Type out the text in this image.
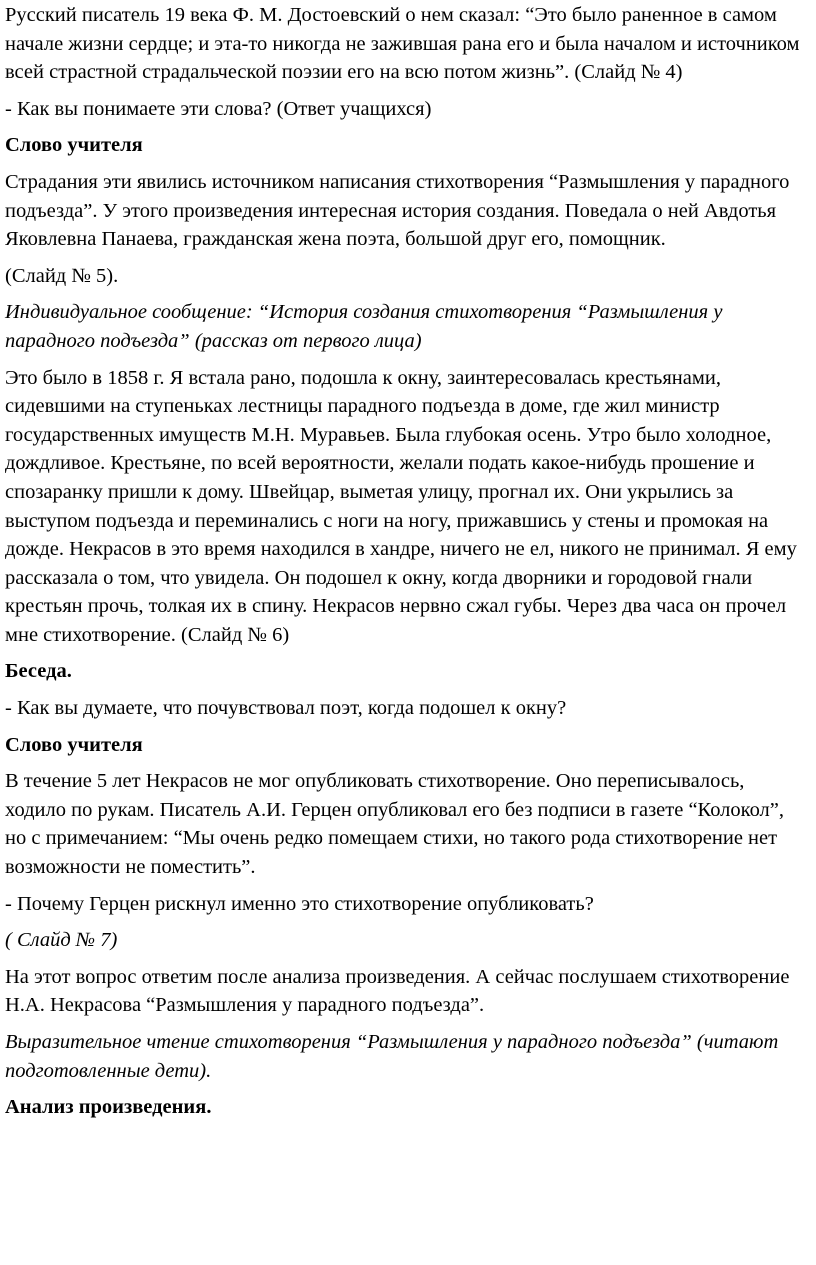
Русский писатель 19 века Ф. М. Достоевский о нем сказал: “Это было раненное в самом начале жизни сердце; и эта-то никогда не зажившая рана его и была началом и источником всей страстной страдальческой поэзии его на всю потом жизнь”. (Слайд № 4)

- Как вы понимаете эти слова? (Ответ учащихся)

Слово учителя

Страдания эти явились источником написания стихотворения “Размышления у парадного подъезда”. У этого произведения интересная история создания. Поведала о ней Авдотья Яковлевна Панаева, гражданская жена поэта, большой друг его, помощник.

(Слайд № 5).

Индивидуальное сообщение: “История создания стихотворения “Размышления у парадного подъезда” (рассказ от первого лица)

Это было в 1858 г. Я встала рано, подошла к окну, заинтересовалась крестьянами, сидевшими на ступеньках лестницы парадного подъезда в доме, где жил министр государственных имуществ М.Н. Муравьев. Была глубокая осень. Утро было холодное, дождливое. Крестьяне, по всей вероятности, желали подать какое-нибудь прошение и спозаранку пришли к дому. Швейцар, выметая улицу, прогнал их. Они укрылись за выступом подъезда и переминались с ноги на ногу, прижавшись у стены и промокая на дожде. Некрасов в это время находился в хандре, ничего не ел, никого не принимал. Я ему рассказала о том, что увидела. Он подошел к окну, когда дворники и городовой гнали крестьян прочь, толкая их в спину. Некрасов нервно сжал губы. Через два часа он прочел мне стихотворение. (Слайд № 6)

Беседа.

- Как вы думаете, что почувствовал поэт, когда подошел к окну?

Слово учителя

В течение 5 лет Некрасов не мог опубликовать стихотворение. Оно переписывалось, ходило по рукам. Писатель А.И. Герцен опубликовал его без подписи в газете “Колокол”, но с примечанием: “Мы очень редко помещаем стихи, но такого рода стихотворение нет возможности не поместить”.

- Почему Герцен рискнул именно это стихотворение опубликовать?

( Слайд № 7)

На этот вопрос ответим после анализа произведения. А сейчас послушаем стихотворение Н.А. Некрасова “Размышления у парадного подъезда”.

Выразительное чтение стихотворения “Размышления у парадного подъезда” (читают подготовленные дети).

Анализ произведения.
